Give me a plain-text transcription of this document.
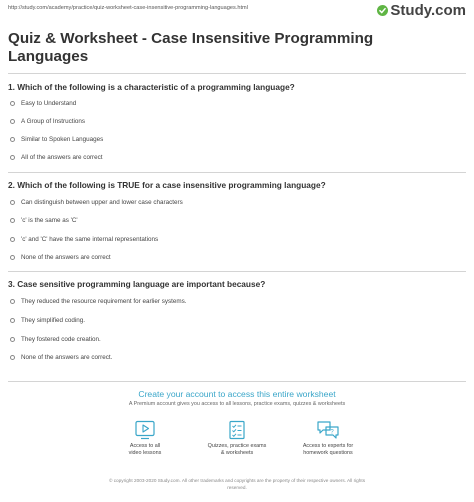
http://study.com/academy/practice/quiz-worksheet-case-insensitive-programming-languages.html	Study.com
Quiz & Worksheet - Case Insensitive Programming Languages
1. Which of the following is a characteristic of a programming language?
Easy to Understand
A Group of Instructions
Similar to Spoken Languages
All of the answers are correct
2. Which of the following is TRUE for a case insensitive programming language?
Can distinguish between upper and lower case characters
'c' is the same as 'C'
'c' and 'C' have the same internal representations
None of the answers are correct
3. Case sensitive programming language are important because?
They reduced the resource requirement for earlier systems.
They simplified coding.
They fostered code creation.
None of the answers are correct.
Create your account to access this entire worksheet
A Premium account gives you access to all lessons, practice exams, quizzes & worksheets
Access to all
video lessons
Quizzes, practice exams
& worksheets
?
Access to experts for
homework questions
© copyright 2003-2020 Study.com. All other trademarks and copyrights are the property of their respective owners. All rights
reserved.
